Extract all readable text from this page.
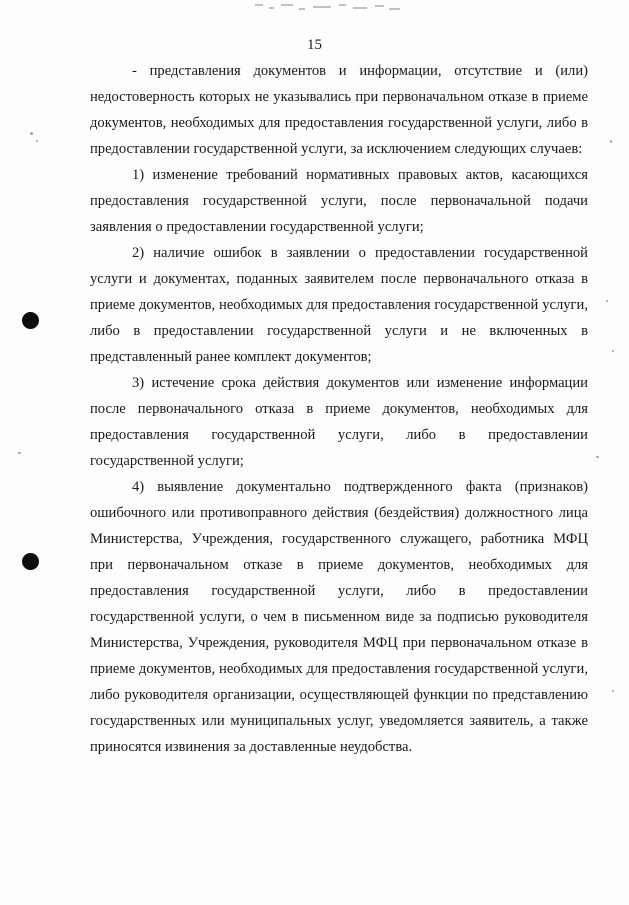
15

- представления документов и информации, отсутствие и (или) недостоверность которых не указывались при первоначальном отказе в приеме документов, необходимых для предоставления государственной услуги, либо в предоставлении государственной услуги, за исключением следующих случаев:

1) изменение требований нормативных правовых актов, касающихся предоставления государственной услуги, после первоначальной подачи заявления о предоставлении государственной услуги;

2) наличие ошибок в заявлении о предоставлении государственной услуги и документах, поданных заявителем после первоначального отказа в приеме документов, необходимых для предоставления государственной услуги, либо в предоставлении государственной услуги и не включенных в представленный ранее комплект документов;

3) истечение срока действия документов или изменение информации после первоначального отказа в приеме документов, необходимых для предоставления государственной услуги, либо в предоставлении государственной услуги;

4) выявление документально подтвержденного факта (признаков) ошибочного или противоправного действия (бездействия) должностного лица Министерства, Учреждения, государственного служащего, работника МФЦ при первоначальном отказе в приеме документов, необходимых для предоставления государственной услуги, либо в предоставлении государственной услуги, о чем в письменном виде за подписью руководителя Министерства, Учреждения, руководителя МФЦ при первоначальном отказе в приеме документов, необходимых для предоставления государственной услуги, либо руководителя организации, осуществляющей функции по представлению государственных или муниципальных услуг, уведомляется заявитель, а также приносятся извинения за доставленные неудобства.
